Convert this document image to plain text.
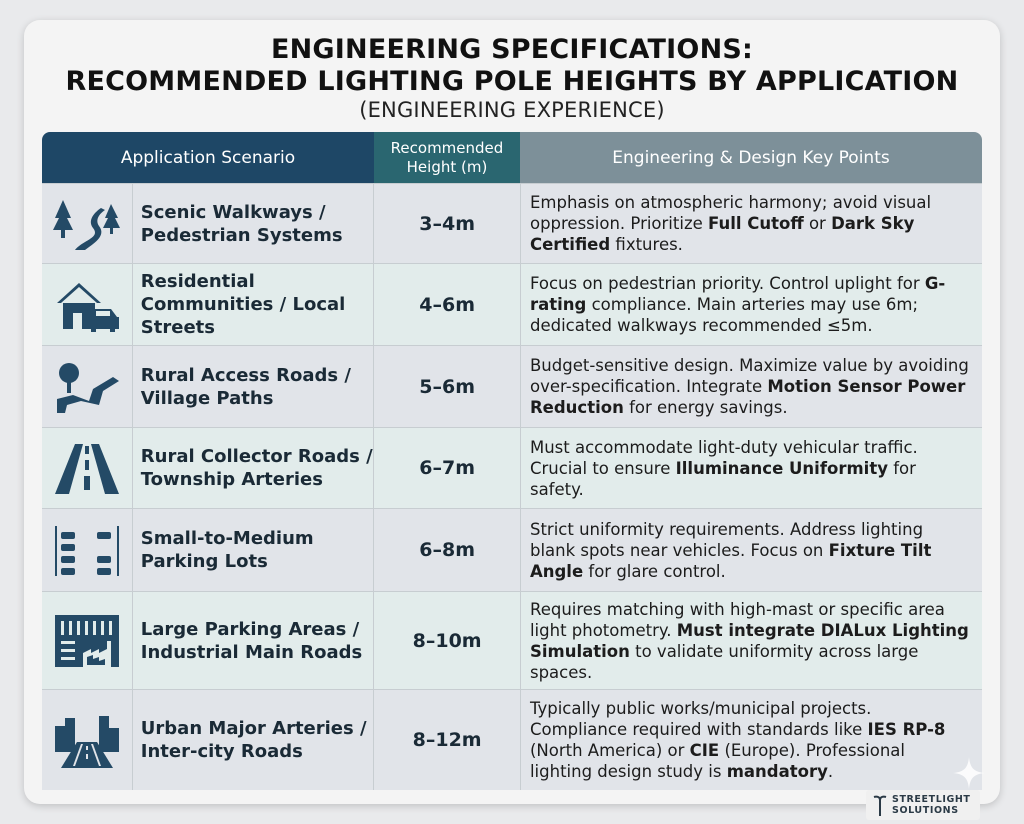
ENGINEERING SPECIFICATIONS:
RECOMMENDED LIGHTING POLE HEIGHTS BY APPLICATION
(ENGINEERING EXPERIENCE)
Application Scenario	Recommended Height (m)	Engineering & Design Key Points
Scenic Walkways / Pedestrian Systems
3–4m
Emphasis on atmospheric harmony; avoid visual oppression. Prioritize Full Cutoff or Dark Sky Certified fixtures.
Residential Communities / Local Streets
4–6m
Focus on pedestrian priority. Control uplight for G-rating compliance. Main arteries may use 6m; dedicated walkways recommended ≤5m.
Rural Access Roads / Village Paths
5–6m
Budget-sensitive design. Maximize value by avoiding over-specification. Integrate Motion Sensor Power Reduction for energy savings.
Rural Collector Roads / Township Arteries
6–7m
Must accommodate light-duty vehicular traffic. Crucial to ensure Illuminance Uniformity for safety.
Small-to-Medium Parking Lots
6–8m
Strict uniformity requirements. Address lighting blank spots near vehicles. Focus on Fixture Tilt Angle for glare control.
Large Parking Areas / Industrial Main Roads
8–10m
Requires matching with high-mast or specific area light photometry. Must integrate DIALux Lighting Simulation to validate uniformity across large spaces.
Urban Major Arteries / Inter-city Roads
8–12m
Typically public works/municipal projects. Compliance required with standards like IES RP-8 (North America) or CIE (Europe). Professional lighting design study is mandatory.
STREETLIGHT
SOLUTIONS
